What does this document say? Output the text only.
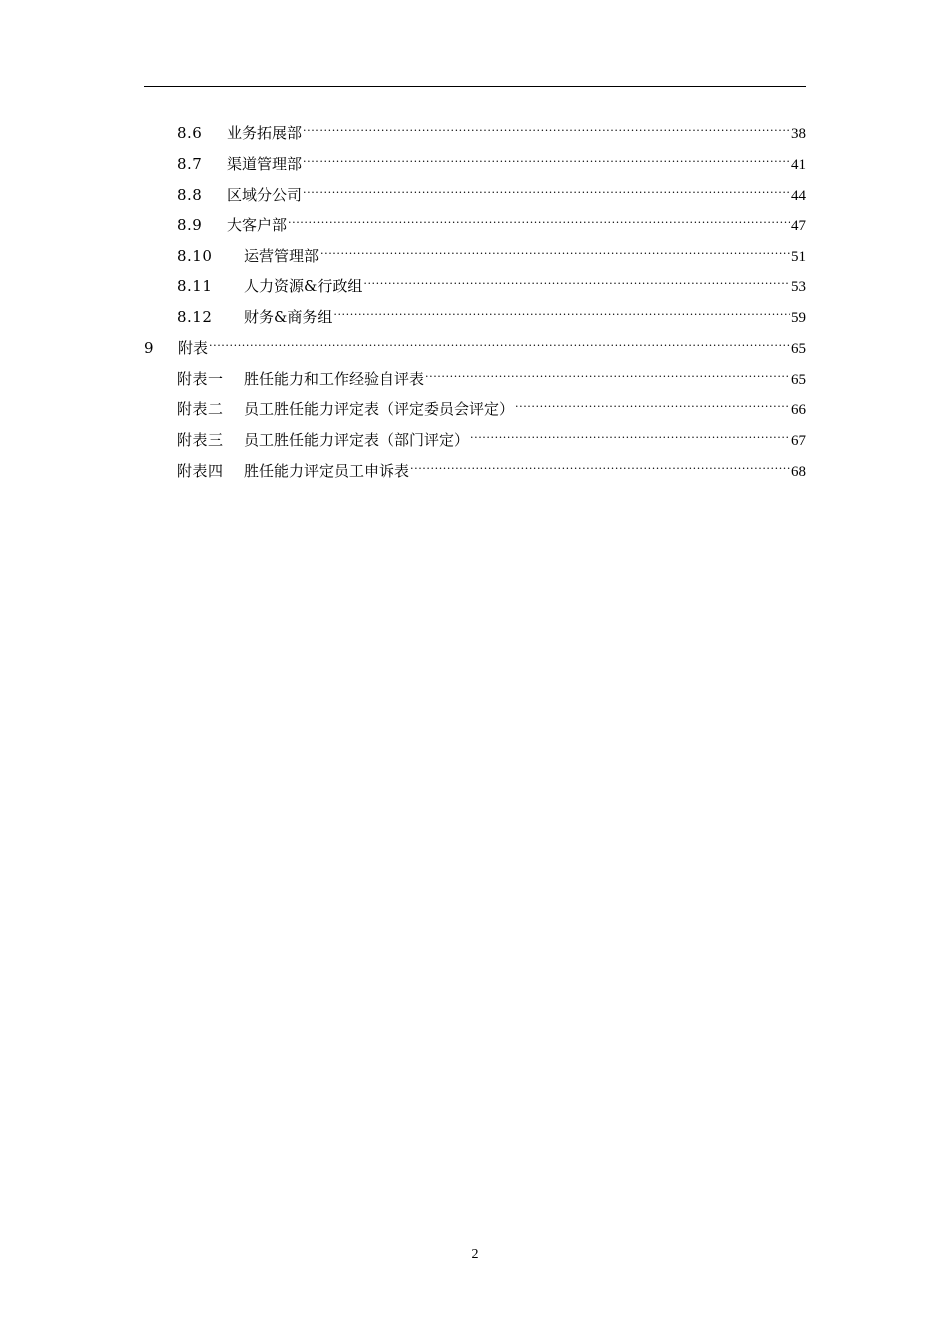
8.6	业务拓展部 .....	38
8.7	渠道管理部 .....	41
8.8	区域分公司 .....	44
8.9	大客户部 .....	47
8.10	运营管理部 .....	51
8.11	人力资源&行政组 .....	53
8.12	财务&商务组 .....	59
9	附表 .....	65
附表一	胜任能力和工作经验自评表 .....	65
附表二	员工胜任能力评定表（评定委员会评定） .....	66
附表三	员工胜任能力评定表（部门评定） .....	67
附表四	胜任能力评定员工申诉表 .....	68
2
